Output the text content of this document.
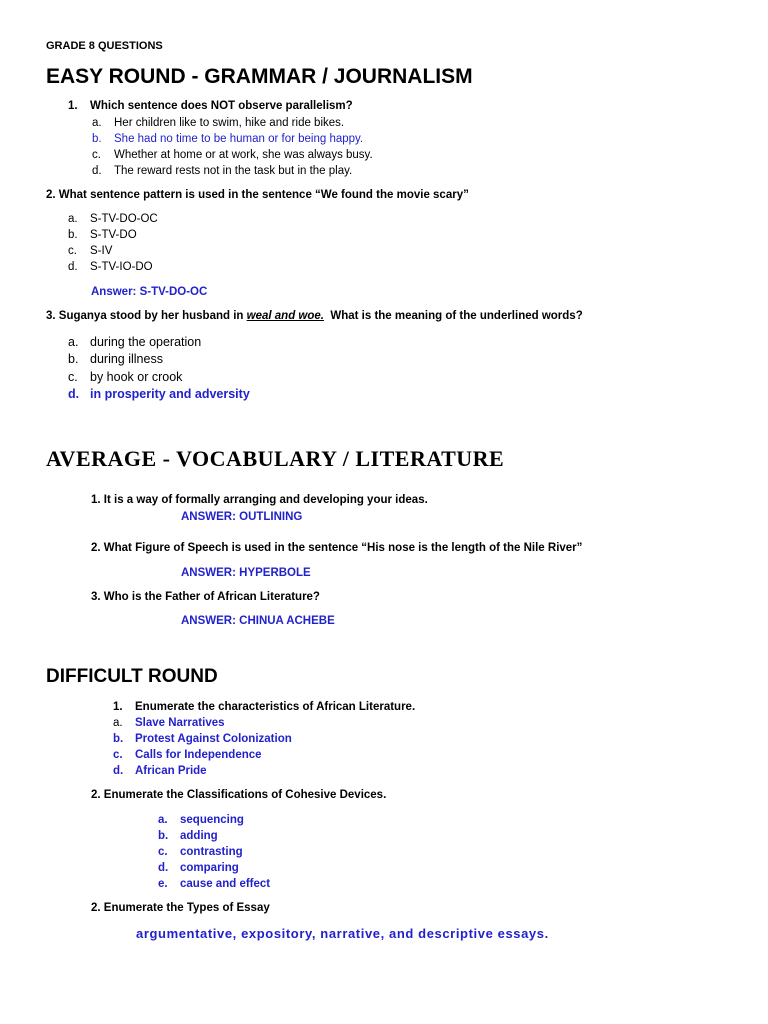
GRADE 8 QUESTIONS
EASY ROUND - GRAMMAR / JOURNALISM
1. Which sentence does NOT observe parallelism?
a. Her children like to swim, hike and ride bikes.
b. She had no time to be human or for being happy.
c. Whether at home or at work, she was always busy.
d. The reward rests not in the task but in the play.
2. What sentence pattern is used in the sentence “We found the movie scary”
a. S-TV-DO-OC
b. S-TV-DO
c. S-IV
d. S-TV-IO-DO
Answer: S-TV-DO-OC
3. Suganya stood by her husband in weal and woe.  What is the meaning of the underlined words?
a. during the operation
b. during illness
c. by hook or crook
d. in prosperity and adversity
AVERAGE - VOCABULARY / LITERATURE
1. It is a way of formally arranging and developing your ideas.
ANSWER: OUTLINING
2. What Figure of Speech is used in the sentence “His nose is the length of the Nile River”
ANSWER: HYPERBOLE
3. Who is the Father of African Literature?
ANSWER: CHINUA ACHEBE
DIFFICULT ROUND
1. Enumerate the characteristics of African Literature.
a. Slave Narratives
b. Protest Against Colonization
c. Calls for Independence
d. African Pride
2. Enumerate the Classifications of Cohesive Devices.
a. sequencing
b. adding
c. contrasting
d. comparing
e. cause and effect
2. Enumerate the Types of Essay
argumentative, expository, narrative, and descriptive essays.
